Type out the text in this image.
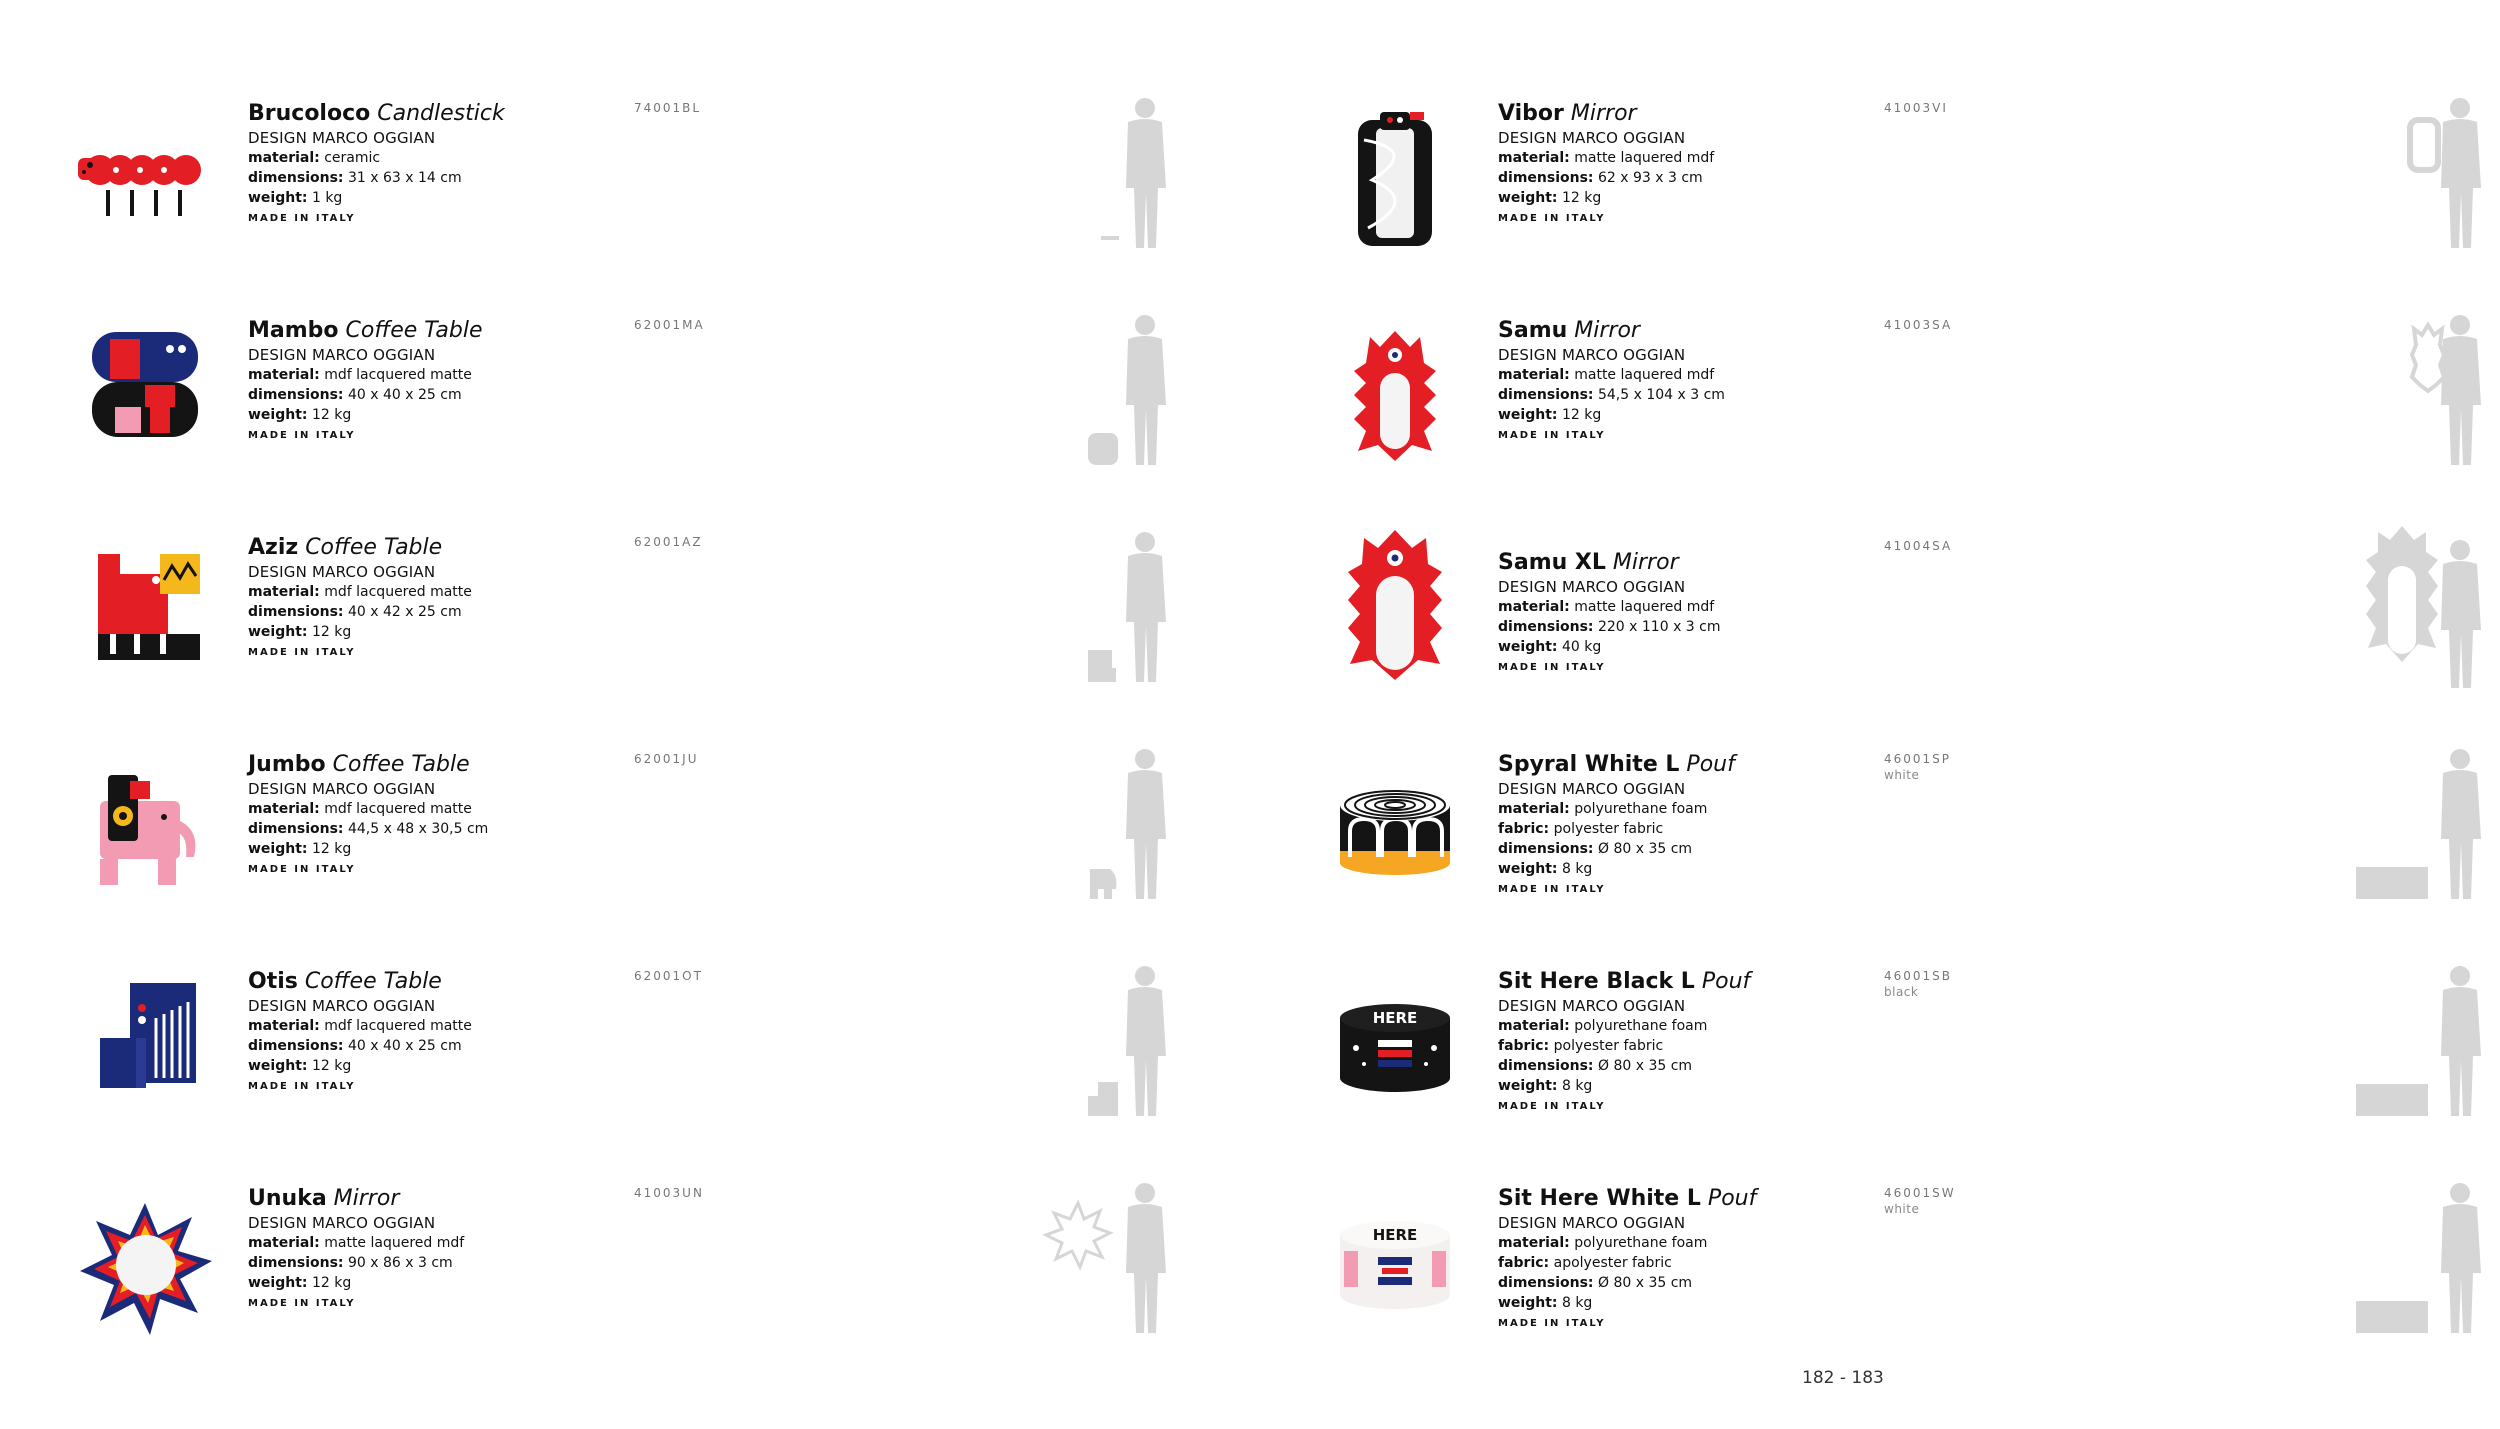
Brucoloco Candlestick
DESIGN MARCO OGGIAN
material: ceramic
dimensions: 31 x 63 x 14 cm
weight: 1 kg
MADE IN ITALY
74001BL
Mambo Coffee Table
DESIGN MARCO OGGIAN
material: mdf lacquered matte
dimensions: 40 x 40 x 25 cm
weight: 12 kg
MADE IN ITALY
62001MA
Aziz Coffee Table
DESIGN MARCO OGGIAN
material: mdf lacquered matte
dimensions: 40 x 42 x 25 cm
weight: 12 kg
MADE IN ITALY
62001AZ
Jumbo Coffee Table
DESIGN MARCO OGGIAN
material: mdf lacquered matte
dimensions: 44,5 x 48 x 30,5 cm
weight: 12 kg
MADE IN ITALY
62001JU
Otis Coffee Table
DESIGN MARCO OGGIAN
material: mdf lacquered matte
dimensions: 40 x 40 x 25 cm
weight: 12 kg
MADE IN ITALY
62001OT
Unuka Mirror
DESIGN MARCO OGGIAN
material: matte laquered mdf
dimensions: 90 x 86 x 3 cm
weight: 12 kg
MADE IN ITALY
41003UN
Vibor Mirror
DESIGN MARCO OGGIAN
material: matte laquered mdf
dimensions: 62 x 93 x 3 cm
weight: 12 kg
MADE IN ITALY
41003VI
Samu Mirror
DESIGN MARCO OGGIAN
material: matte laquered mdf
dimensions: 54,5 x 104 x 3 cm
weight: 12 kg
MADE IN ITALY
41003SA
Samu XL Mirror
DESIGN MARCO OGGIAN
material: matte laquered mdf
dimensions: 220 x 110 x 3 cm
weight: 40 kg
MADE IN ITALY
41004SA
Spyral White L Pouf
DESIGN MARCO OGGIAN
material: polyurethane foam
fabric: polyester fabric
dimensions: Ø 80 x 35 cm
weight: 8 kg
MADE IN ITALY
46001SP
white
HERE
Sit Here Black L Pouf
DESIGN MARCO OGGIAN
material: polyurethane foam
fabric: polyester fabric
dimensions: Ø 80 x 35 cm
weight: 8 kg
MADE IN ITALY
46001SB
black
HERE
Sit Here White L Pouf
DESIGN MARCO OGGIAN
material: polyurethane foam
fabric: apolyester fabric
dimensions: Ø 80 x 35 cm
weight: 8 kg
MADE IN ITALY
46001SW
white
182 - 183
